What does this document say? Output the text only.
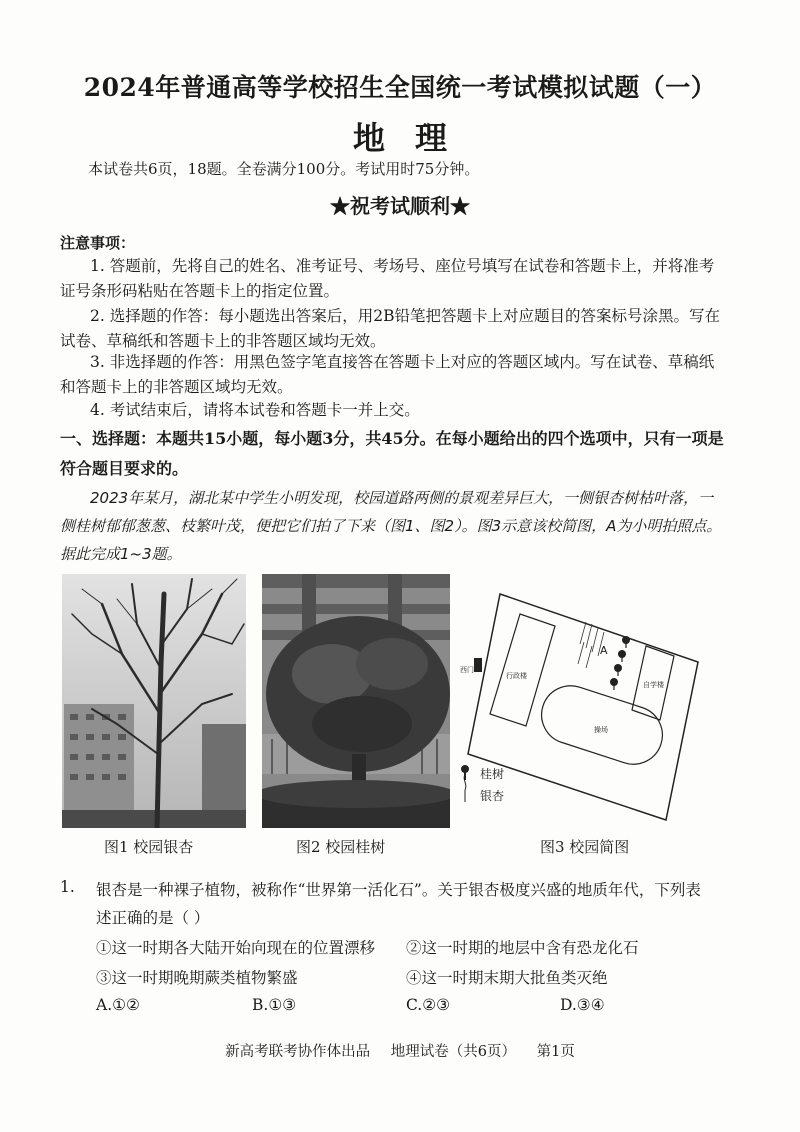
2024年普通高等学校招生全国统一考试模拟试题（一）
地理
本试卷共6页，18题。全卷满分100分。考试用时75分钟。
★祝考试顺利★
注意事项：
1. 答题前，先将自己的姓名、准考证号、考场号、座位号填写在试卷和答题卡上，并将准考证号条形码粘贴在答题卡上的指定位置。
2. 选择题的作答：每小题选出答案后，用2B铅笔把答题卡上对应题目的答案标号涂黑。写在试卷、草稿纸和答题卡上的非答题区域均无效。
3. 非选择题的作答：用黑色签字笔直接答在答题卡上对应的答题区域内。写在试卷、草稿纸和答题卡上的非答题区域均无效。
4. 考试结束后，请将本试卷和答题卡一并上交。
一、选择题：本题共15小题，每小题3分，共45分。在每小题给出的四个选项中，只有一项是符合题目要求的。
2023年某月，湖北某中学生小明发现，校园道路两侧的景观差异巨大，一侧银杏树枯叶落，一侧桂树郁郁葱葱、枝繁叶茂，便把它们拍了下来（图1、图2）。图3示意该校简图，A为小明拍照点。据此完成1~3题。
西门
行政楼
自学楼
操场
A
桂树
银杏
图1 校园银杏	图2 校园桂树	图3 校园简图
1. 银杏是一种裸子植物，被称作“世界第一活化石”。关于银杏极度兴盛的地质年代，下列表
述正确的是（ ）
①这一时期各大陆开始向现在的位置漂移 ②这一时期的地层中含有恐龙化石
③这一时期晚期蕨类植物繁盛	④这一时期末期大批鱼类灭绝
A.①②	B.①③	C.②③	D.③④
新高考联考协作体出品 地理试卷（共6页） 第1页
